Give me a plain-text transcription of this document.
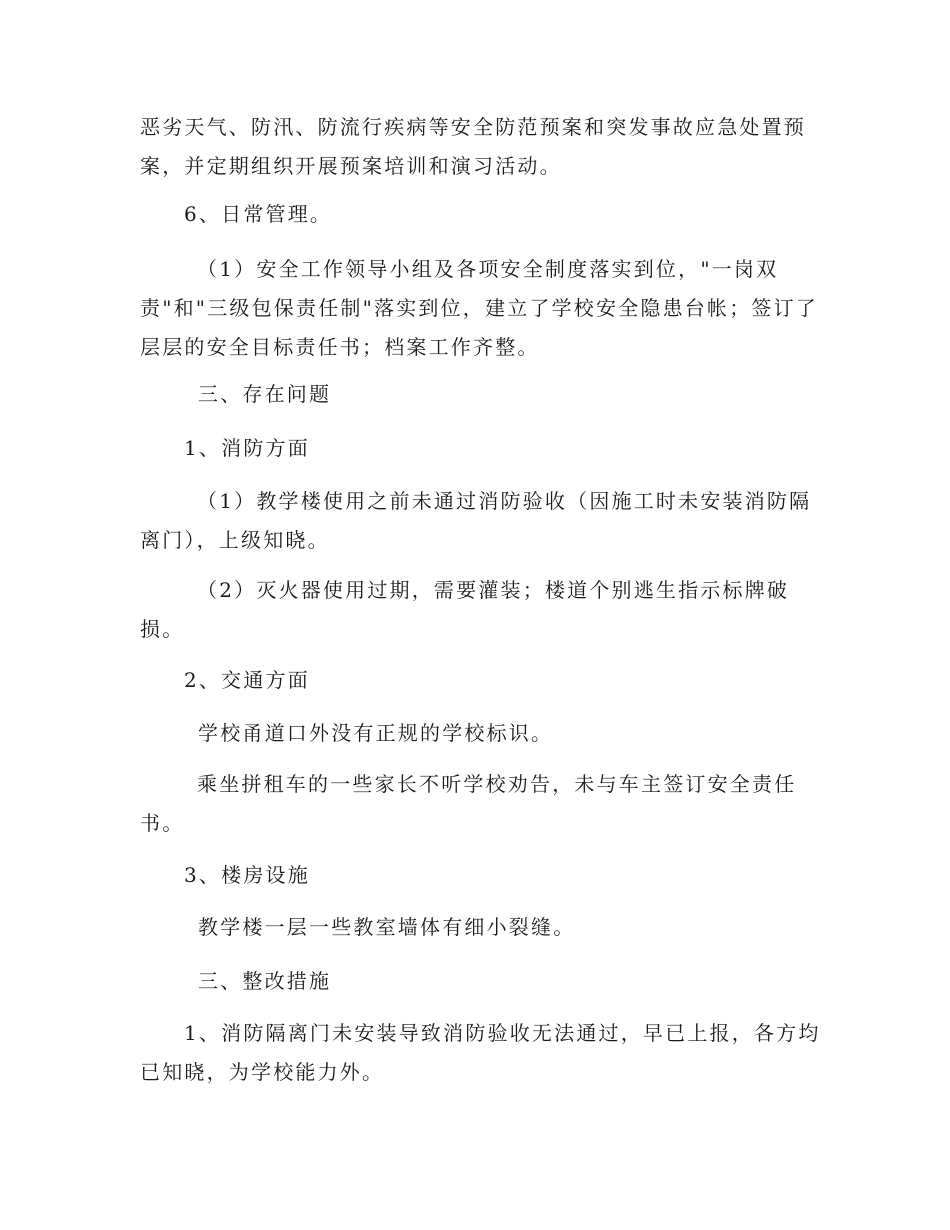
恶劣天气、防汛、防流行疾病等安全防范预案和突发事故应急处置预
案，并定期组织开展预案培训和演习活动。
6、日常管理。
（1）安全工作领导小组及各项安全制度落实到位，"一岗双
责"和"三级包保责任制"落实到位，建立了学校安全隐患台帐；签订了
层层的安全目标责任书；档案工作齐整。
三、存在问题
1、消防方面
（1）教学楼使用之前未通过消防验收（因施工时未安装消防隔
离门），上级知晓。
（2）灭火器使用过期，需要灌装；楼道个别逃生指示标牌破
损。
2、交通方面
学校甬道口外没有正规的学校标识。
乘坐拼租车的一些家长不听学校劝告，未与车主签订安全责任
书。
3、楼房设施
教学楼一层一些教室墙体有细小裂缝。
三、整改措施
1、消防隔离门未安装导致消防验收无法通过，早已上报，各方均
已知晓，为学校能力外。
